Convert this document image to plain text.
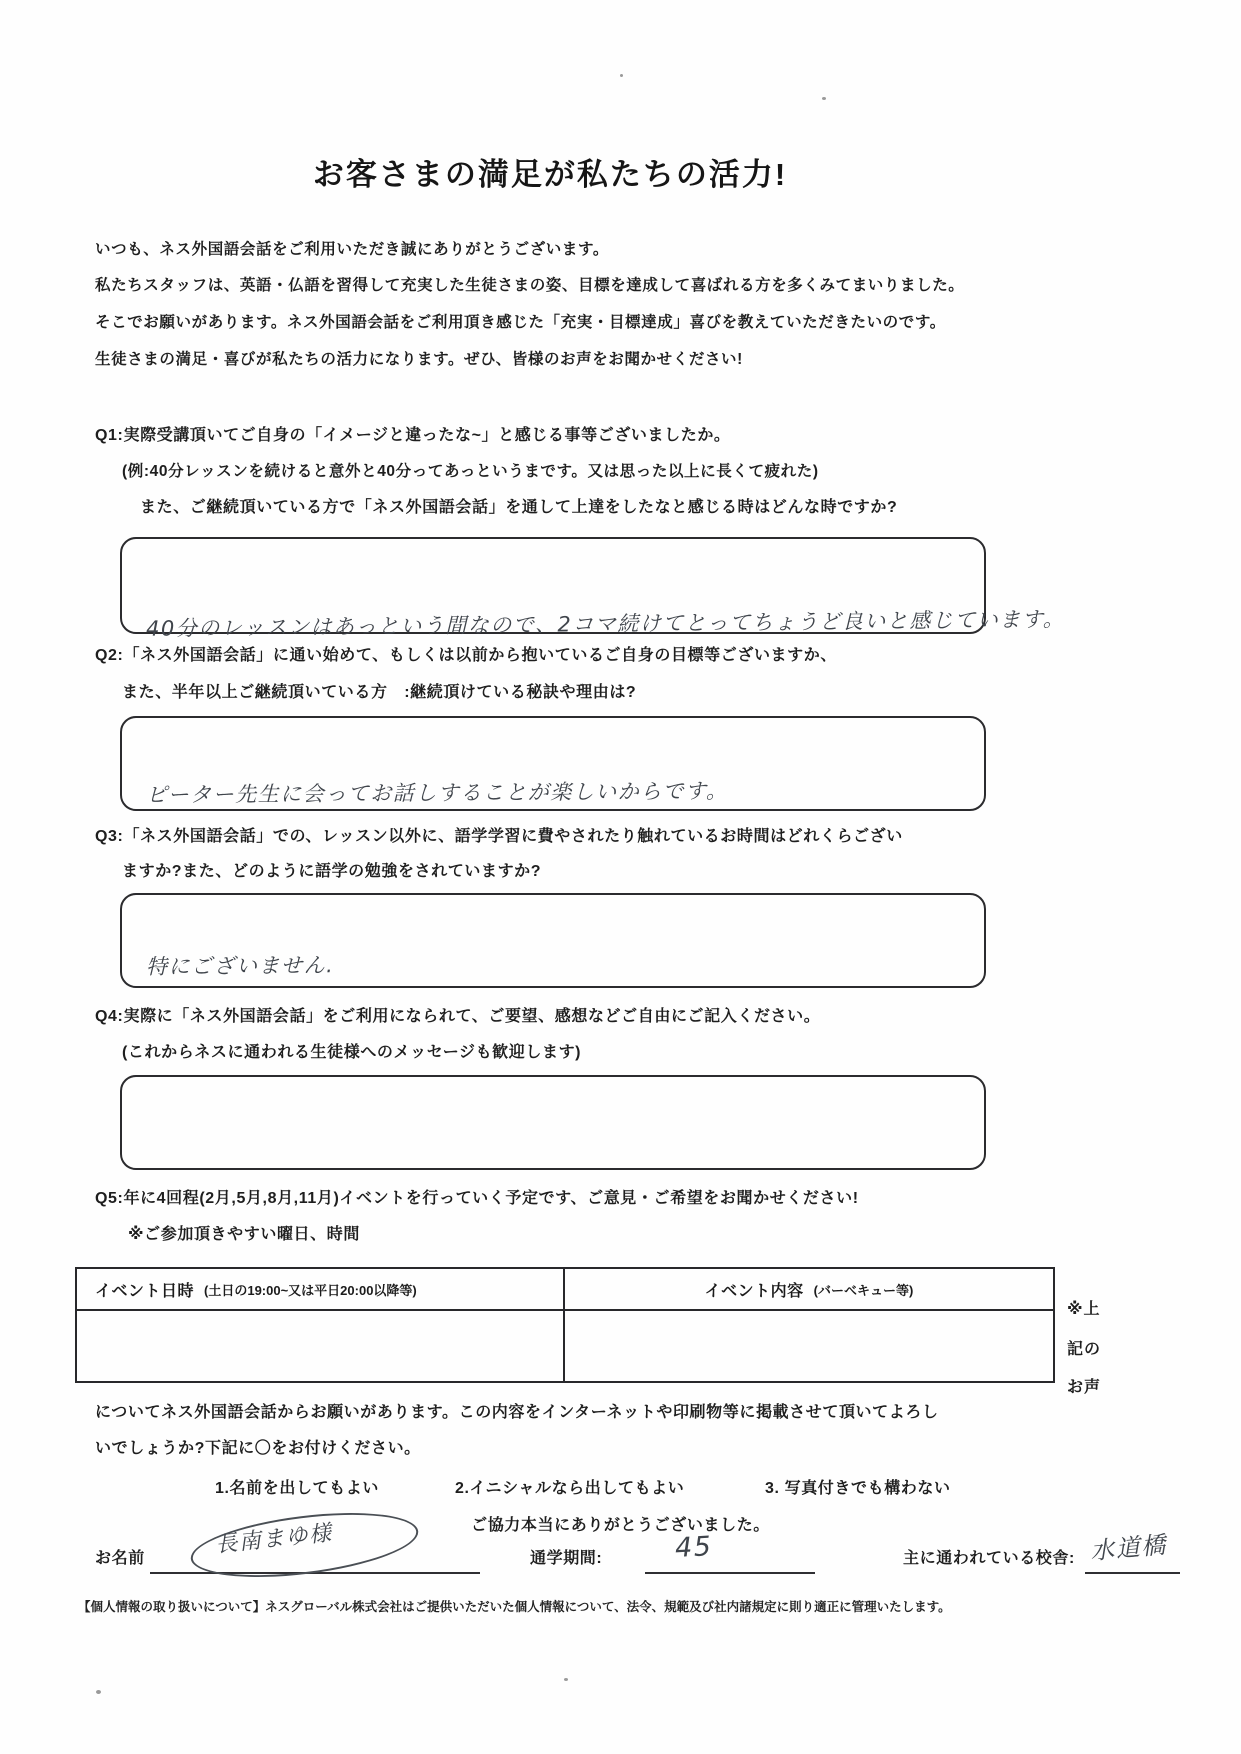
お客さまの満足が私たちの活力!
いつも、ネス外国語会話をご利用いただき誠にありがとうございます。
私たちスタッフは、英語・仏語を習得して充実した生徒さまの姿、目標を達成して喜ばれる方を多くみてまいりました。
そこでお願いがあります。ネス外国語会話をご利用頂き感じた「充実・目標達成」喜びを教えていただきたいのです。
生徒さまの満足・喜びが私たちの活力になります。ぜひ、皆様のお声をお聞かせください!
Q1:実際受講頂いてご自身の「イメージと違ったな~」と感じる事等ございましたか。
(例:40分レッスンを続けると意外と40分ってあっというまです。又は思った以上に長くて疲れた)
また、ご継続頂いている方で「ネス外国語会話」を通して上達をしたなと感じる時はどんな時ですか?
40分のレッスンはあっという間なので、2コマ続けてとってちょうど良いと感じています。
Q2:「ネス外国語会話」に通い始めて、もしくは以前から抱いているご自身の目標等ございますか、
また、半年以上ご継続頂いている方　:継続頂けている秘訣や理由は?
ピーター先生に会ってお話しすることが楽しいからです。
Q3:「ネス外国語会話」での、レッスン以外に、語学学習に費やされたり触れているお時間はどれくらござい
ますか?また、どのように語学の勉強をされていますか?
特にございません.
Q4:実際に「ネス外国語会話」をご利用になられて、ご要望、感想などご自由にご記入ください。
(これからネスに通われる生徒様へのメッセージも歓迎します)
Q5:年に4回程(2月,5月,8月,11月)イベントを行っていく予定です、ご意見・ご希望をお聞かせください!
※ご参加頂きやすい曜日、時間
イベント日時 (土日の19:00~又は平日20:00以降等)	イベント内容 (バーベキュー等)
※上
記の
お声
についてネス外国語会話からお願いがあります。この内容をインターネットや印刷物等に掲載させて頂いてよろし
いでしょうか?下記に〇をお付けください。
1.名前を出してもよい	2.イニシャルなら出してもよい	3. 写真付きでも構わない
ご協力本当にありがとうございました。
お名前
長南まゆ様
通学期間:	45	主に通われている校舎: 水道橋
【個人情報の取り扱いについて】ネスグローバル株式会社はご提供いただいた個人情報について、法令、規範及び社内諸規定に則り適正に管理いたします。
